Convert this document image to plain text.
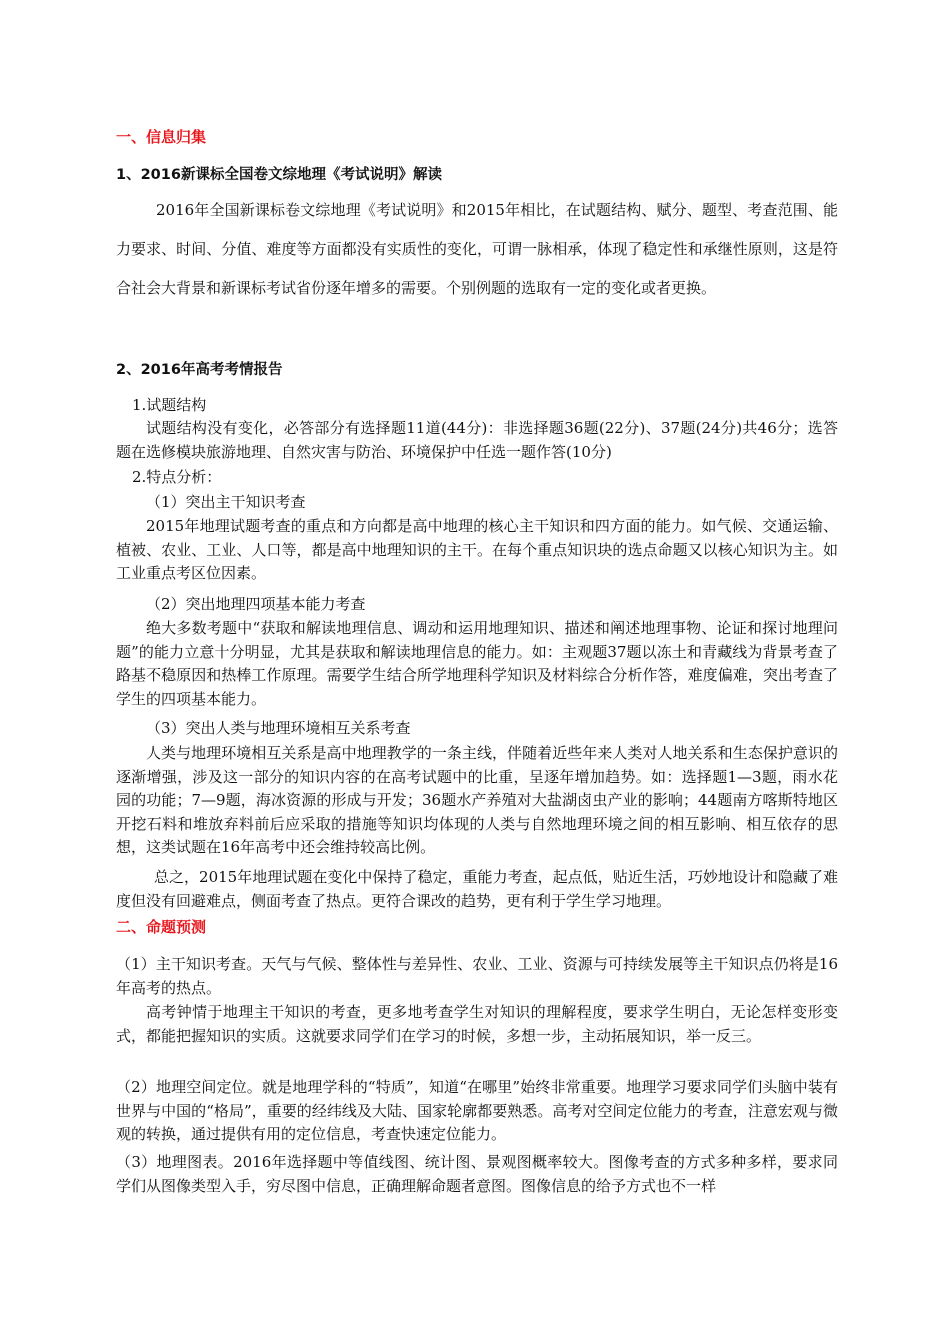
一、信息归集
1、2016新课标全国卷文综地理《考试说明》解读

2016年全国新课标卷文综地理《考试说明》和2015年相比，在试题结构、赋分、题型、考查范围、能力要求、时间、分值、难度等方面都没有实质性的变化，可谓一脉相承，体现了稳定性和承继性原则，这是符合社会大背景和新课标考试省份逐年增多的需要。个别例题的选取有一定的变化或者更换。

2、2016年高考考情报告
1.试题结构

试题结构没有变化，必答部分有选择题11道(44分)：非选择题36题(22分)、37题(24分)共46分；选答题在选修模块旅游地理、自然灾害与防治、环境保护中任选一题作答(10分)

2.特点分析：
（1）突出主干知识考查

2015年地理试题考查的重点和方向都是高中地理的核心主干知识和四方面的能力。如气候、交通运输、植被、农业、工业、人口等，都是高中地理知识的主干。在每个重点知识块的选点命题又以核心知识为主。如工业重点考区位因素。

（2）突出地理四项基本能力考查

绝大多数考题中“获取和解读地理信息、调动和运用地理知识、描述和阐述地理事物、论证和探讨地理问题”的能力立意十分明显，尤其是获取和解读地理信息的能力。如：主观题37题以冻土和青藏线为背景考查了路基不稳原因和热棒工作原理。需要学生结合所学地理科学知识及材料综合分析作答，难度偏难，突出考查了学生的四项基本能力。

（3）突出人类与地理环境相互关系考查

人类与地理环境相互关系是高中地理教学的一条主线，伴随着近些年来人类对人地关系和生态保护意识的逐渐增强，涉及这一部分的知识内容的在高考试题中的比重，呈逐年增加趋势。如：选择题1—3题，雨水花园的功能；7—9题，海冰资源的形成与开发；36题水产养殖对大盐湖卤虫产业的影响；44题南方喀斯特地区开挖石料和堆放弃料前后应采取的措施等知识均体现的人类与自然地理环境之间的相互影响、相互依存的思想，这类试题在16年高考中还会维持较高比例。

总之，2015年地理试题在变化中保持了稳定，重能力考查，起点低，贴近生活，巧妙地设计和隐藏了难度但没有回避难点，侧面考查了热点。更符合课改的趋势，更有利于学生学习地理。

二、命题预测

（1）主干知识考查。天气与气候、整体性与差异性、农业、工业、资源与可持续发展等主干知识点仍将是16年高考的热点。

高考钟情于地理主干知识的考查，更多地考查学生对知识的理解程度，要求学生明白，无论怎样变形变式，都能把握知识的实质。这就要求同学们在学习的时候，多想一步，主动拓展知识，举一反三。

（2）地理空间定位。就是地理学科的“特质”，知道“在哪里”始终非常重要。地理学习要求同学们头脑中装有世界与中国的“格局”，重要的经纬线及大陆、国家轮廓都要熟悉。高考对空间定位能力的考查，注意宏观与微观的转换，通过提供有用的定位信息，考查快速定位能力。

（3）地理图表。2016年选择题中等值线图、统计图、景观图概率较大。图像考查的方式多种多样，要求同学们从图像类型入手，穷尽图中信息，正确理解命题者意图。图像信息的给予方式也不一样
